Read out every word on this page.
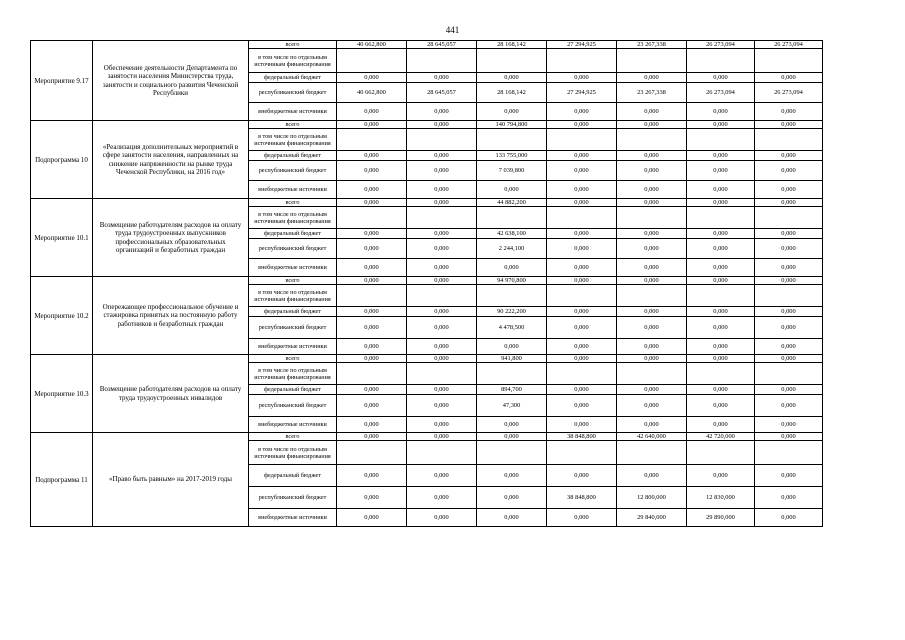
441
Мероприятие 9.17	Обеспечение деятельности Департамента по занятости населения Министерства труда, занятости и социального развития Чеченской Республики	всего	40 662,800	28 645,057	28 168,142	27 294,925	23 267,338	26 273,094	26 273,094
		в том числе по отдельным источникам финансирования							
		федеральный бюджет	0,000	0,000	0,000	0,000	0,000	0,000	0,000
		республиканский бюджет	40 662,800	28 645,057	28 168,142	27 294,925	23 267,338	26 273,094	26 273,094
		внебюджетные источники	0,000	0,000	0,000	0,000	0,000	0,000	0,000
Подпрограмма 10	«Реализация дополнительных мероприятий в сфере занятости населения, направленных на снижение напряженности на рынке труда Чеченской Республики, на 2016 год»	всего	0,000	0,000	140 794,800	0,000	0,000	0,000	0,000
		в том числе по отдельным источникам финансирования							
		федеральный бюджет	0,000	0,000	133 755,000	0,000	0,000	0,000	0,000
		республиканский бюджет	0,000	0,000	7 039,800	0,000	0,000	0,000	0,000
		внебюджетные источники	0,000	0,000	0,000	0,000	0,000	0,000	0,000
Мероприятие 10.1	Возмещение работодателям расходов на оплату труда трудоустроенных выпускников профессиональных образовательных организаций и безработных граждан	всего	0,000	0,000	44 882,200	0,000	0,000	0,000	0,000
		в том числе по отдельным источникам финансирования							
		федеральный бюджет	0,000	0,000	42 638,100	0,000	0,000	0,000	0,000
		республиканский бюджет	0,000	0,000	2 244,100	0,000	0,000	0,000	0,000
		внебюджетные источники	0,000	0,000	0,000	0,000	0,000	0,000	0,000
Мероприятие 10.2	Опережающее профессиональное обучение и стажировка принятых на постоянную работу работников и безработных граждан	всего	0,000	0,000	94 970,800	0,000	0,000	0,000	0,000
		в том числе по отдельным источникам финансирования							
		федеральный бюджет	0,000	0,000	90 222,200	0,000	0,000	0,000	0,000
		республиканский бюджет	0,000	0,000	4 478,500	0,000	0,000	0,000	0,000
		внебюджетные источники	0,000	0,000	0,000	0,000	0,000	0,000	0,000
Мероприятие 10.3	Возмещение работодателям расходов на оплату труда трудоустроенных инвалидов	всего	0,000	0,000	941,800	0,000	0,000	0,000	0,000
		в том числе по отдельным источникам финансирования							
		федеральный бюджет	0,000	0,000	894,700	0,000	0,000	0,000	0,000
		республиканский бюджет	0,000	0,000	47,300	0,000	0,000	0,000	0,000
		внебюджетные источники	0,000	0,000	0,000	0,000	0,000	0,000	0,000
Подпрограмма 11	«Право быть равным» на 2017-2019 годы	всего	0,000	0,000	0,000	38 848,800	42 640,000	42 720,000	0,000
		в том числе по отдельным источникам финансирования							
		федеральный бюджет	0,000	0,000	0,000	0,000	0,000	0,000	0,000
		республиканский бюджет	0,000	0,000	0,000	38 848,800	12 800,000	12 830,000	0,000
		внебюджетные источники	0,000	0,000	0,000	0,000	29 840,000	29 890,000	0,000
